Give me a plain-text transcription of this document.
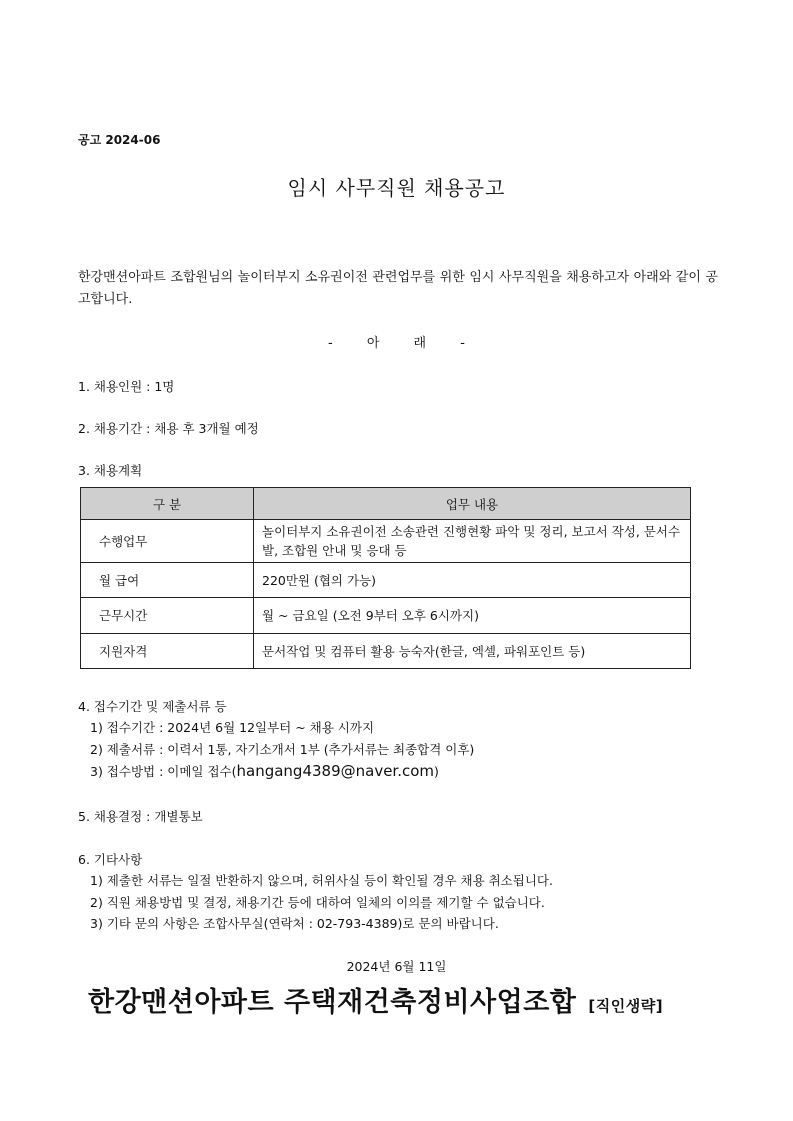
공고 2024-06
임시 사무직원 채용공고
한강맨션아파트 조합원님의 놀이터부지 소유권이전 관련업무를 위한 임시 사무직원을 채용하고자 아래와 같이 공고합니다.
- 아 래 -
1. 채용인원 : 1명
2. 채용기간 : 채용 후 3개월 예정
3. 채용계획
구 분	업무 내용
수행업무	놀이터부지 소유권이전 소송관련 진행현황 파악 및 정리, 보고서 작성, 문서수발, 조합원 안내 및 응대 등
월 급여	220만원 (협의 가능)
근무시간	월 ~ 금요일 (오전 9부터 오후 6시까지)
지원자격	문서작업 및 컴퓨터 활용 능숙자(한글, 엑셀, 파워포인트 등)
4. 접수기간 및 제출서류 등
1) 접수기간 : 2024년 6월 12일부터 ~ 채용 시까지
2) 제출서류 : 이력서 1통, 자기소개서 1부 (추가서류는 최종합격 이후)
3) 접수방법 : 이메일 접수(hangang4389@naver.com)
5. 채용결정 : 개별통보
6. 기타사항
1) 제출한 서류는 일절 반환하지 않으며, 허위사실 등이 확인될 경우 채용 취소됩니다.
2) 직원 채용방법 및 결정, 채용기간 등에 대하여 일체의 이의를 제기할 수 없습니다.
3) 기타 문의 사항은 조합사무실(연락처 : 02-793-4389)로 문의 바랍니다.
2024년 6월 11일
한강맨션아파트 주택재건축정비사업조합 [직인생략]
